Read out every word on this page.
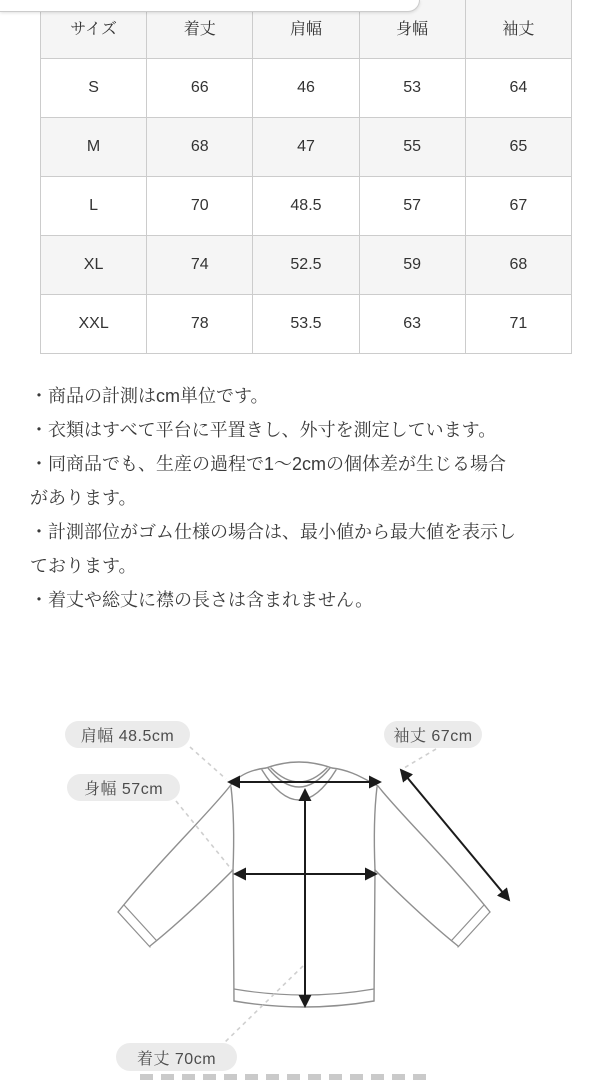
サイズ	着丈	肩幅	身幅	袖丈
S	66	46	53	64
M	68	47	55	65
L	70	48.5	57	67
XL	74	52.5	59	68
XXL	78	53.5	63	71
・商品の計測はcm単位です。
・衣類はすべて平台に平置きし、外寸を測定しています。
・同商品でも、生産の過程で1～2cmの個体差が生じる場合
があります。
・計測部位がゴム仕様の場合は、最小値から最大値を表示し
ております。
・着丈や総丈に襟の長さは含まれません。
肩幅 48.5cm	袖丈 67cm
身幅 57cm
着丈 70cm
